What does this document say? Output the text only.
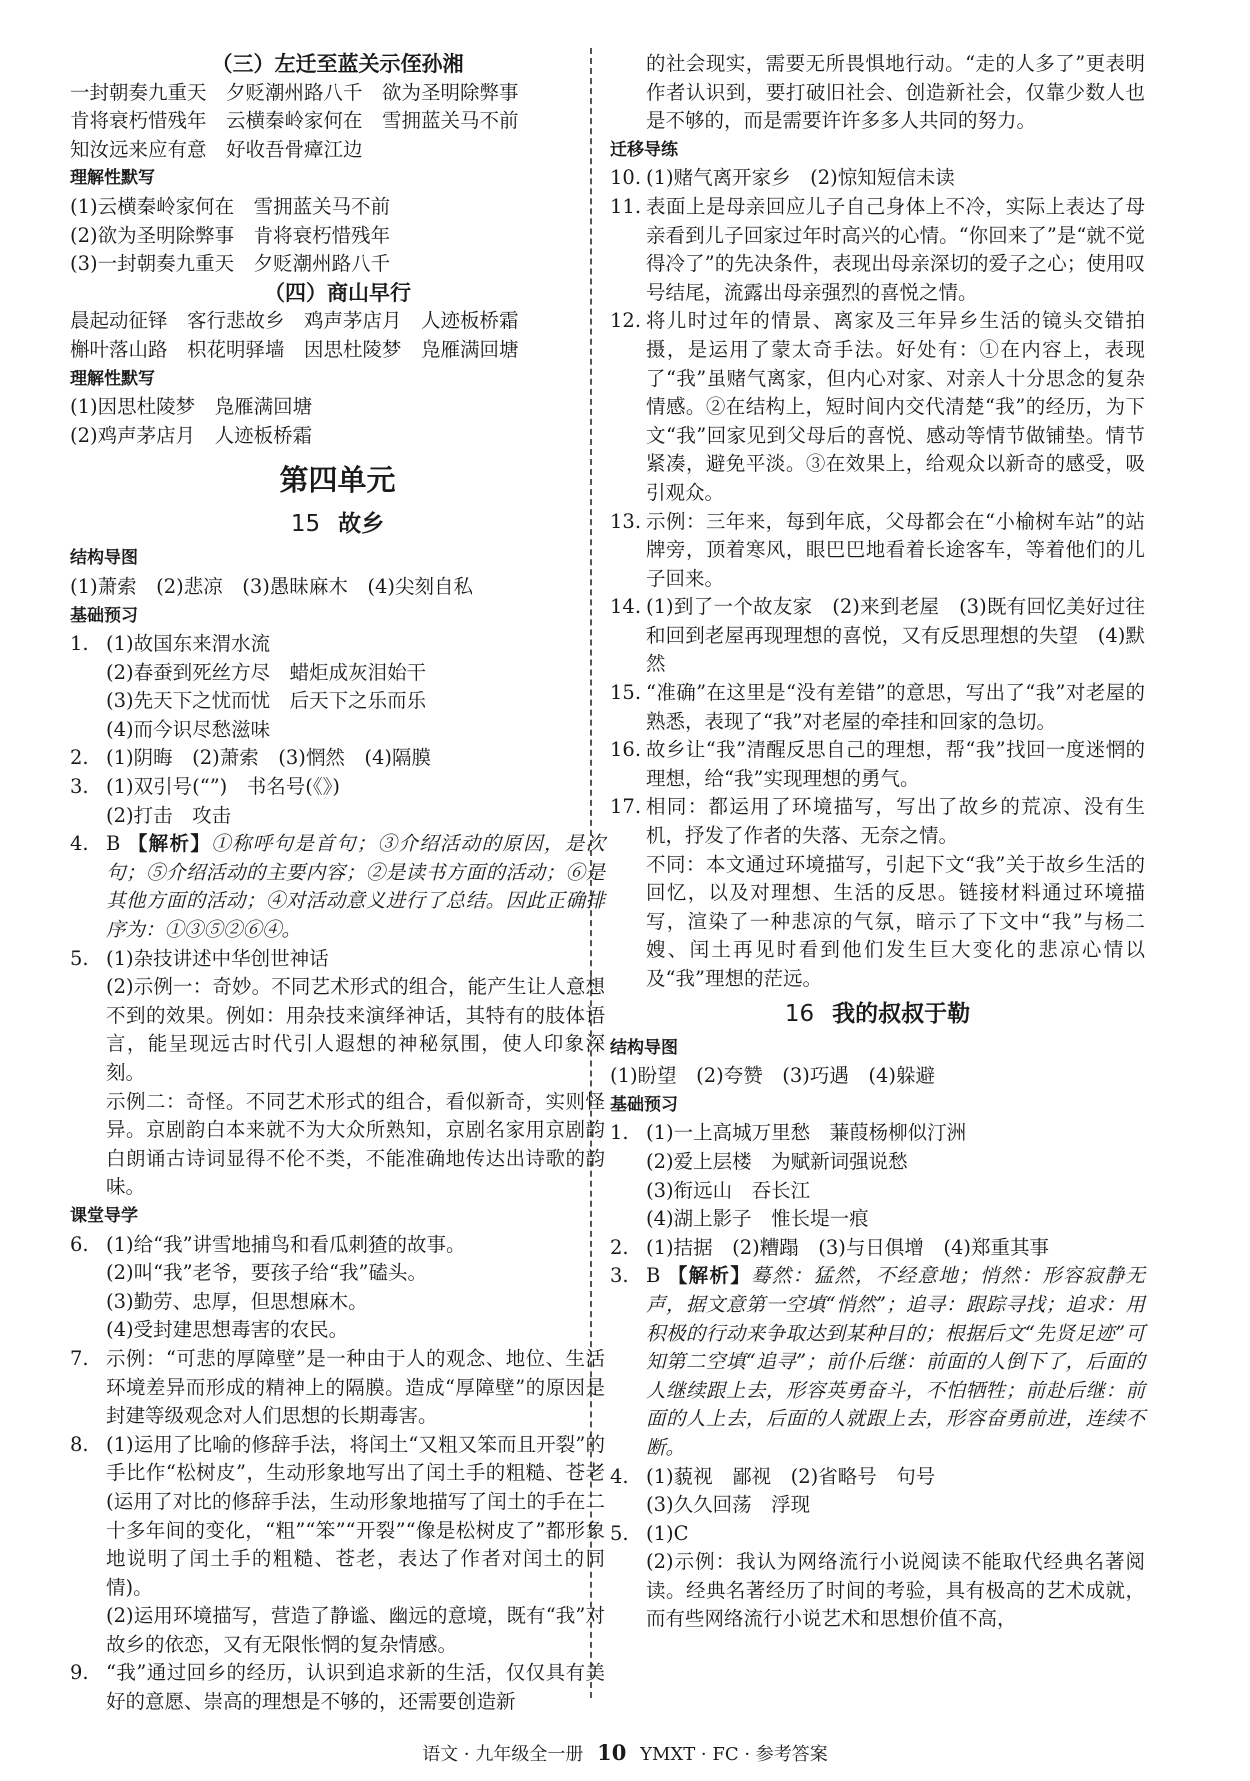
（三）左迁至蓝关示侄孙湘
一封朝奏九重天　夕贬潮州路八千　欲为圣明除弊事
肯将衰朽惜残年　云横秦岭家何在　雪拥蓝关马不前
知汝远来应有意　好收吾骨瘴江边
理解性默写
(1)云横秦岭家何在　雪拥蓝关马不前
(2)欲为圣明除弊事　肯将衰朽惜残年
(3)一封朝奏九重天　夕贬潮州路八千
（四）商山早行
晨起动征铎　客行悲故乡　鸡声茅店月　人迹板桥霜
槲叶落山路　枳花明驿墙　因思杜陵梦　凫雁满回塘
理解性默写
(1)因思杜陵梦　凫雁满回塘
(2)鸡声茅店月　人迹板桥霜
第四单元
15 故乡
结构导图
(1)萧索　(2)悲凉　(3)愚昧麻木　(4)尖刻自私
基础预习
1. (1)故国东来渭水流
(2)春蚕到死丝方尽　蜡炬成灰泪始干
(3)先天下之忧而忧　后天下之乐而乐
(4)而今识尽愁滋味
2. (1)阴晦　(2)萧索　(3)惘然　(4)隔膜
3. (1)双引号(“”)　书名号(《》)
(2)打击　攻击
4. B 【解析】①称呼句是首句；③介绍活动的原因，是次句；⑤介绍活动的主要内容；②是读书方面的活动；⑥是其他方面的活动；④对活动意义进行了总结。因此正确排序为：①③⑤②⑥④。
5. (1)杂技讲述中华创世神话
(2)示例一：奇妙。不同艺术形式的组合，能产生让人意想不到的效果。例如：用杂技来演绎神话，其特有的肢体语言，能呈现远古时代引人遐想的神秘氛围，使人印象深刻。
示例二：奇怪。不同艺术形式的组合，看似新奇，实则怪异。京剧韵白本来就不为大众所熟知，京剧名家用京剧韵白朗诵古诗词显得不伦不类，不能准确地传达出诗歌的韵味。
课堂导学
6. (1)给“我”讲雪地捕鸟和看瓜刺猹的故事。
(2)叫“我”老爷，要孩子给“我”磕头。
(3)勤劳、忠厚，但思想麻木。
(4)受封建思想毒害的农民。
7. 示例：“可悲的厚障壁”是一种由于人的观念、地位、生活环境差异而形成的精神上的隔膜。造成“厚障壁”的原因是封建等级观念对人们思想的长期毒害。
8. (1)运用了比喻的修辞手法，将闰土“又粗又笨而且开裂”的手比作“松树皮”，生动形象地写出了闰土手的粗糙、苍老(运用了对比的修辞手法，生动形象地描写了闰土的手在二十多年间的变化，“粗”“笨”“开裂”“像是松树皮了”都形象地说明了闰土手的粗糙、苍老，表达了作者对闰土的同情)。
(2)运用环境描写，营造了静谧、幽远的意境，既有“我”对故乡的依恋，又有无限怅惘的复杂情感。
9. “我”通过回乡的经历，认识到追求新的生活，仅仅具有美好的意愿、崇高的理想是不够的，还需要创造新
的社会现实，需要无所畏惧地行动。“走的人多了”更表明作者认识到，要打破旧社会、创造新社会，仅靠少数人也是不够的，而是需要许许多多人共同的努力。
迁移导练
10. (1)赌气离开家乡　(2)惊知短信未读
11. 表面上是母亲回应儿子自己身体上不冷，实际上表达了母亲看到儿子回家过年时高兴的心情。“你回来了”是“就不觉得冷了”的先决条件，表现出母亲深切的爱子之心；使用叹号结尾，流露出母亲强烈的喜悦之情。
12. 将儿时过年的情景、离家及三年异乡生活的镜头交错拍摄，是运用了蒙太奇手法。好处有：①在内容上，表现了“我”虽赌气离家，但内心对家、对亲人十分思念的复杂情感。②在结构上，短时间内交代清楚“我”的经历，为下文“我”回家见到父母后的喜悦、感动等情节做铺垫。情节紧凑，避免平淡。③在效果上，给观众以新奇的感受，吸引观众。
13. 示例：三年来，每到年底，父母都会在“小榆树车站”的站牌旁，顶着寒风，眼巴巴地看着长途客车，等着他们的儿子回来。
14. (1)到了一个故友家　(2)来到老屋　(3)既有回忆美好过往和回到老屋再现理想的喜悦，又有反思理想的失望　(4)默然
15. “准确”在这里是“没有差错”的意思，写出了“我”对老屋的熟悉，表现了“我”对老屋的牵挂和回家的急切。
16. 故乡让“我”清醒反思自己的理想，帮“我”找回一度迷惘的理想，给“我”实现理想的勇气。
17. 相同：都运用了环境描写，写出了故乡的荒凉、没有生机，抒发了作者的失落、无奈之情。
不同：本文通过环境描写，引起下文“我”关于故乡生活的回忆，以及对理想、生活的反思。链接材料通过环境描写，渲染了一种悲凉的气氛，暗示了下文中“我”与杨二嫂、闰土再见时看到他们发生巨大变化的悲凉心情以及“我”理想的茫远。
16 我的叔叔于勒
结构导图
(1)盼望　(2)夸赞　(3)巧遇　(4)躲避
基础预习
1. (1)一上高城万里愁　蒹葭杨柳似汀洲
(2)爱上层楼　为赋新词强说愁
(3)衔远山　吞长江
(4)湖上影子　惟长堤一痕
2. (1)拮据　(2)糟蹋　(3)与日俱增　(4)郑重其事
3. B 【解析】蓦然：猛然，不经意地；悄然：形容寂静无声，据文意第一空填“悄然”；追寻：跟踪寻找；追求：用积极的行动来争取达到某种目的；根据后文“先贤足迹”可知第二空填“追寻”；前仆后继：前面的人倒下了，后面的人继续跟上去，形容英勇奋斗，不怕牺牲；前赴后继：前面的人上去，后面的人就跟上去，形容奋勇前进，连续不断。
4. (1)藐视　鄙视　(2)省略号　句号
(3)久久回荡　浮现
5. (1)C
(2)示例：我认为网络流行小说阅读不能取代经典名著阅读。经典名著经历了时间的考验，具有极高的艺术成就，而有些网络流行小说艺术和思想价值不高，
语文 · 九年级全一册 10 YMXT · FC · 参考答案
